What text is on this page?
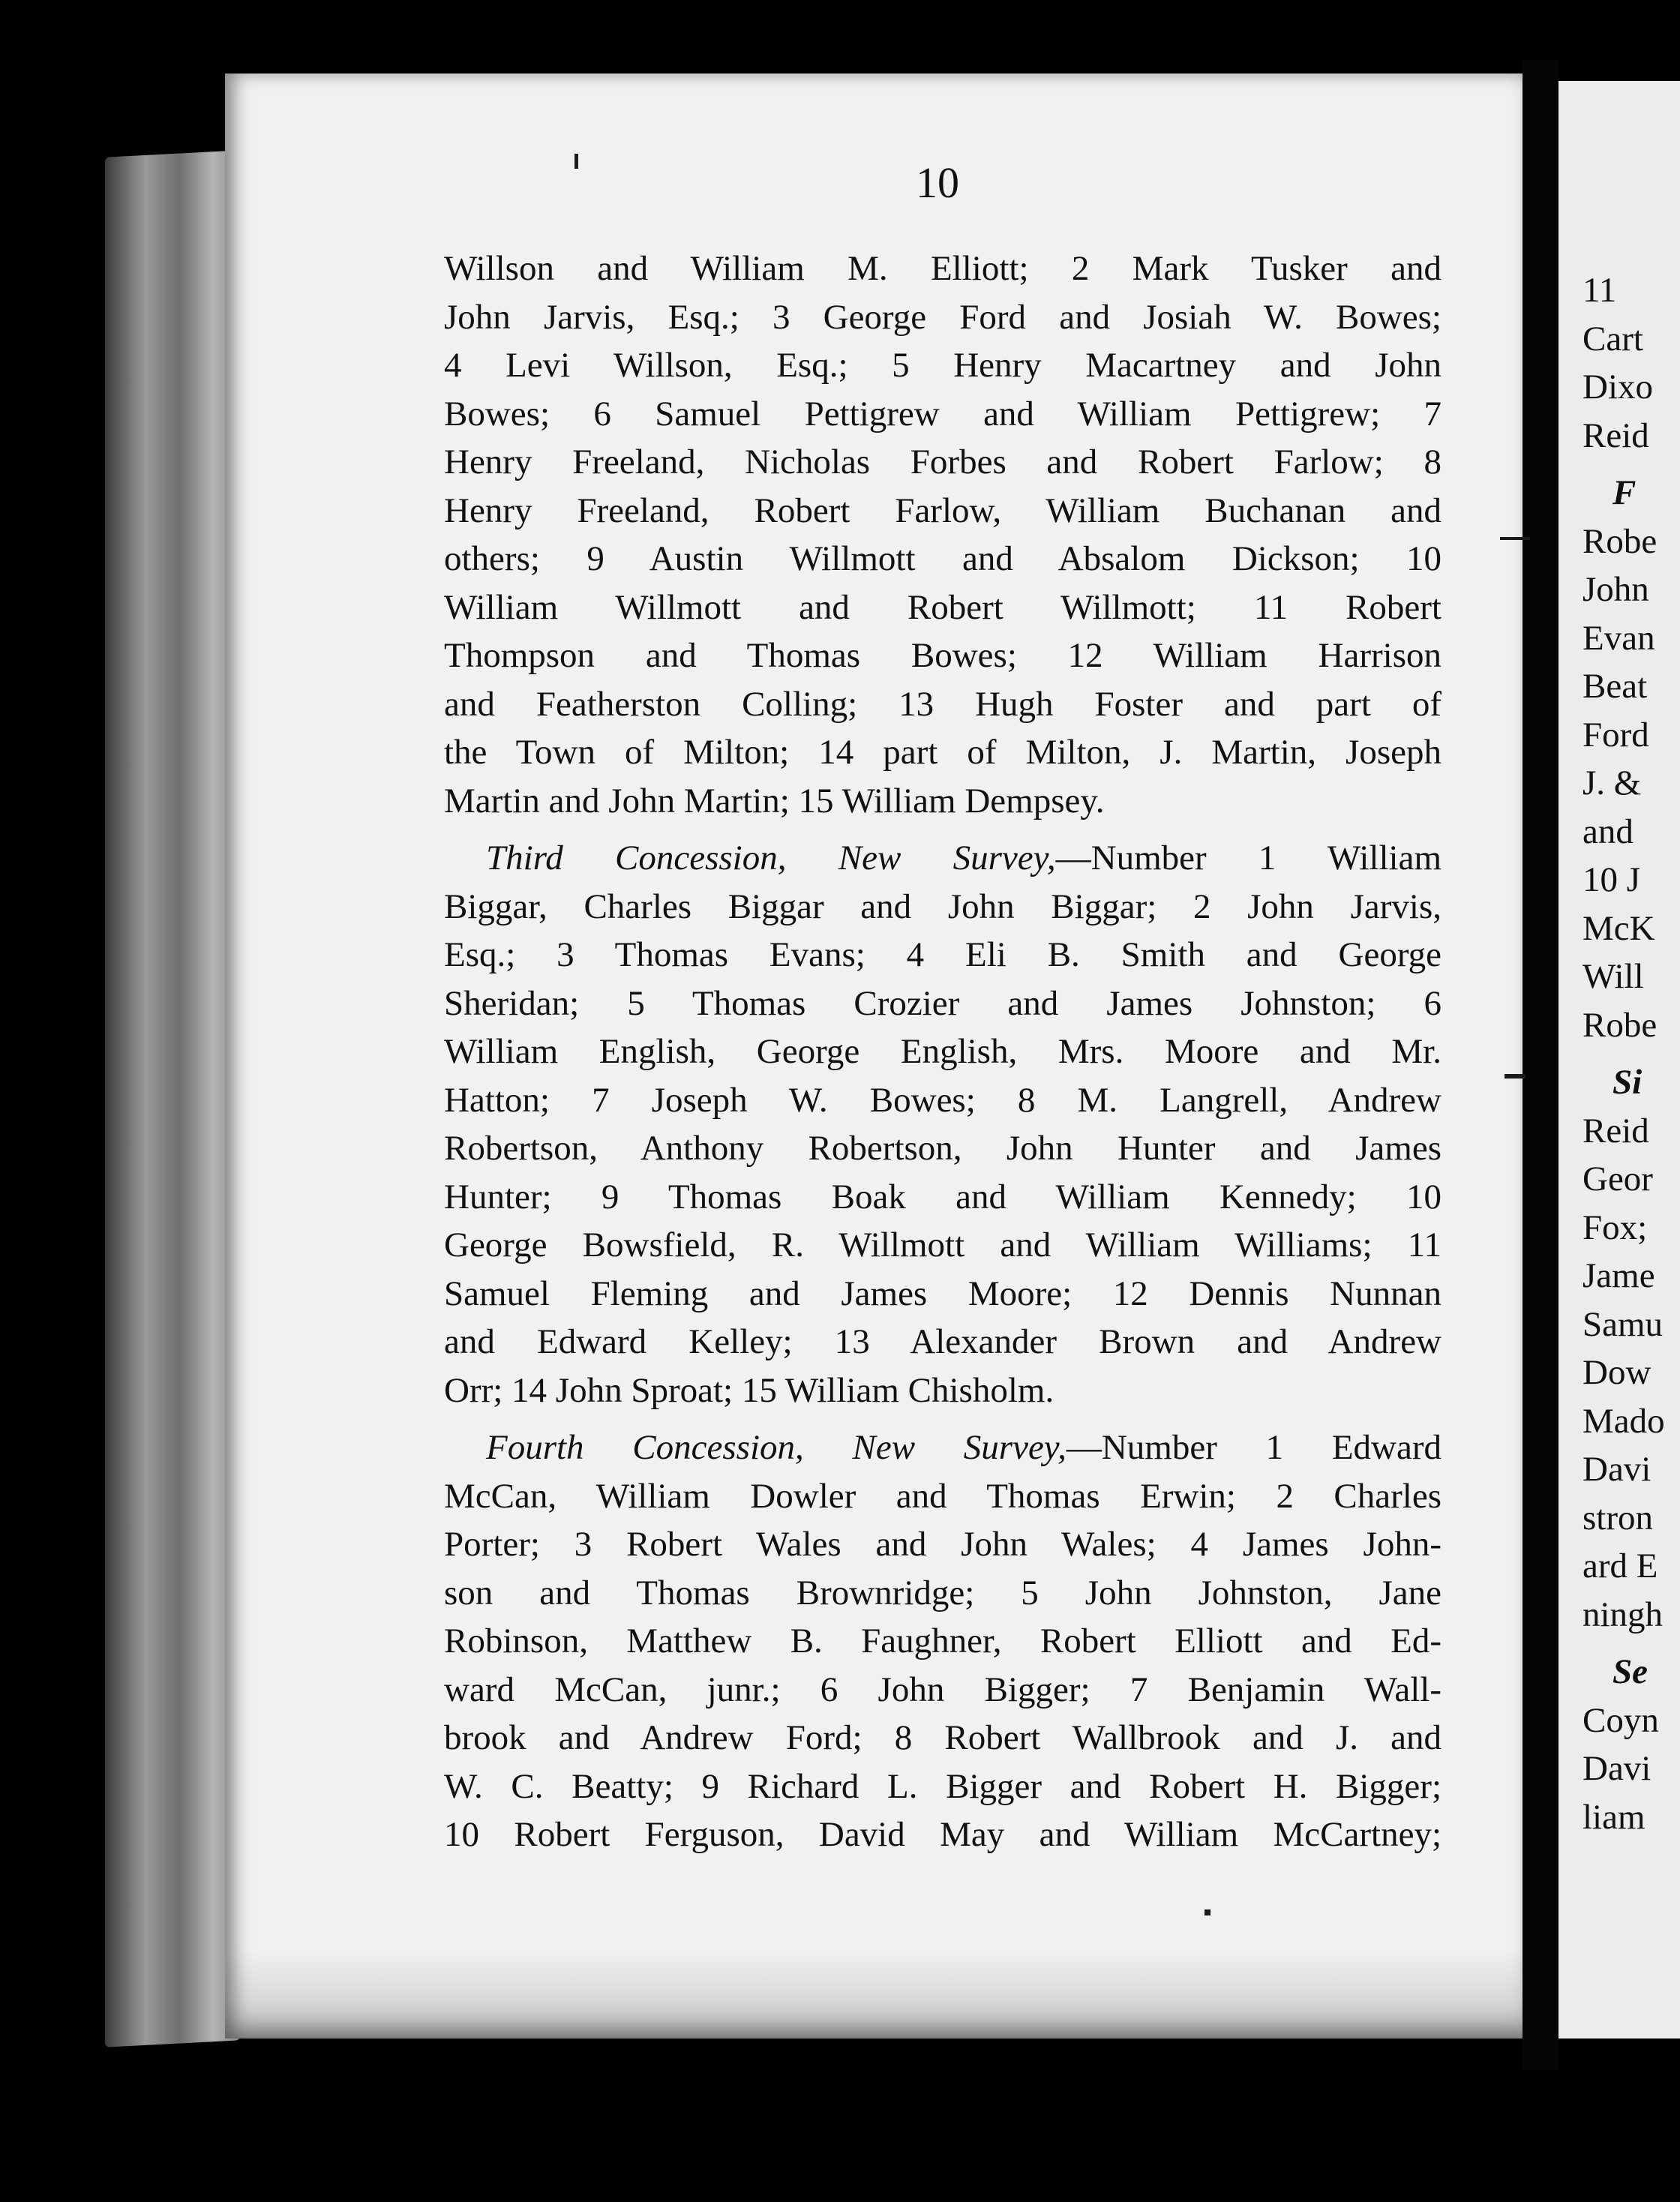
10

Willson and William M. Elliott; 2 Mark Tusker and
John Jarvis, Esq.; 3 George Ford and Josiah W. Bowes;
4 Levi Willson, Esq.; 5 Henry Macartney and John
Bowes; 6 Samuel Pettigrew and William Pettigrew; 7
Henry Freeland, Nicholas Forbes and Robert Farlow; 8
Henry Freeland, Robert Farlow, William Buchanan and
others; 9 Austin Willmott and Absalom Dickson; 10
William Willmott and Robert Willmott; 11 Robert
Thompson and Thomas Bowes; 12 William Harrison
and Featherston Colling; 13 Hugh Foster and part of
the Town of Milton; 14 part of Milton, J. Martin, Joseph
Martin and John Martin; 15 William Dempsey.

Third Concession, New Survey,—Number 1 William
Biggar, Charles Biggar and John Biggar; 2 John Jarvis,
Esq.; 3 Thomas Evans; 4 Eli B. Smith and George
Sheridan; 5 Thomas Crozier and James Johnston; 6
William English, George English, Mrs. Moore and Mr.
Hatton; 7 Joseph W. Bowes; 8 M. Langrell, Andrew
Robertson, Anthony Robertson, John Hunter and James
Hunter; 9 Thomas Boak and William Kennedy; 10
George Bowsfield, R. Willmott and William Williams; 11
Samuel Fleming and James Moore; 12 Dennis Nunnan
and Edward Kelley; 13 Alexander Brown and Andrew
Orr; 14 John Sproat; 15 William Chisholm.

Fourth Concession, New Survey,—Number 1 Edward
McCan, William Dowler and Thomas Erwin; 2 Charles
Porter; 3 Robert Wales and John Wales; 4 James John-
son and Thomas Brownridge; 5 John Johnston, Jane
Robinson, Matthew B. Faughner, Robert Elliott and Ed-
ward McCan, junr.; 6 John Bigger; 7 Benjamin Wall-
brook and Andrew Ford; 8 Robert Wallbrook and J. and
W. C. Beatty; 9 Richard L. Bigger and Robert H. Bigger;
10 Robert Ferguson, David May and William McCartney;

11
Cart
Dixo
Reid
F
Robe
John
Evan
Beat
Ford
J. &
and
10 J
McK
Will
Robe
Si
Reid
Geor
Fox;
Jame
Samu
Dow
Mado
Davi
stron
ard E
ningh
Se
Coyn
Davi
liam
